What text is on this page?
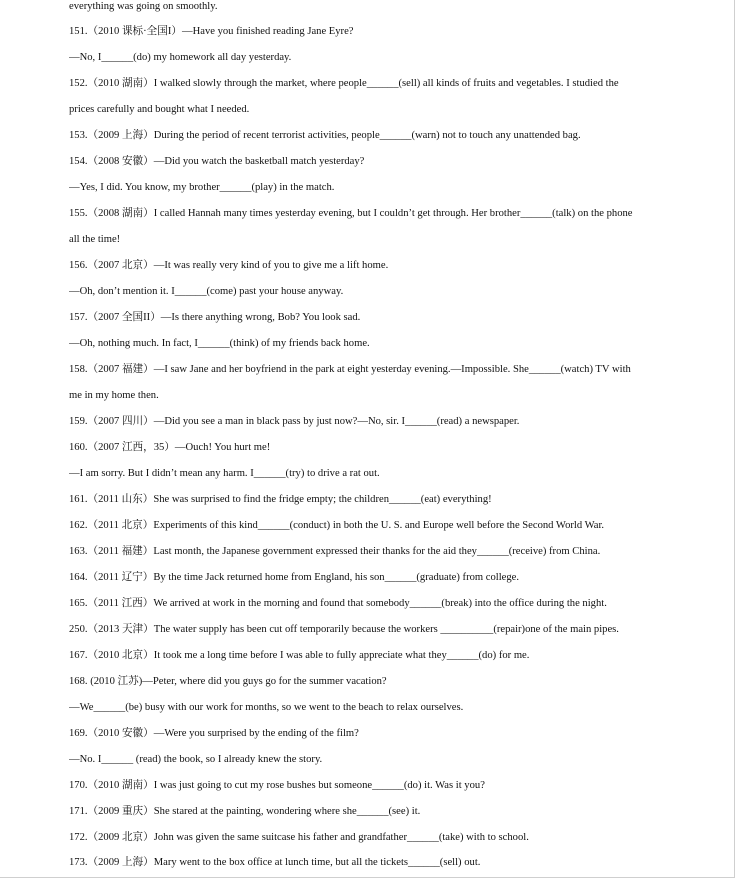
everything was going on smoothly.
151.（2010 课标·全国I）—Have you finished reading Jane Eyre?
—No, I______(do) my homework all day yesterday.
152.（2010 湖南）I walked slowly through the market, where people______(sell) all kinds of fruits and vegetables. I studied the
prices carefully and bought what I needed.
153.（2009 上海）During the period of recent terrorist activities, people______(warn) not to touch any unattended bag.
154.（2008 安徽）—Did you watch the basketball match yesterday?
—Yes, I did. You know, my brother______(play) in the match.
155.（2008 湖南）I called Hannah many times yesterday evening, but I couldn’t get through. Her brother______(talk) on the phone
all the time!
156.（2007 北京）—It was really very kind of you to give me a lift home.
—Oh, don’t mention it. I______(come) past your house anyway.
157.（2007 全国II）—Is there anything wrong, Bob? You look sad.
—Oh, nothing much. In fact, I______(think) of my friends back home.
158.（2007 福建）—I saw Jane and her boyfriend in the park at eight yesterday evening.—Impossible. She______(watch) TV with
me in my home then.
159.（2007 四川）—Did you see a man in black pass by just now?—No, sir. I______(read) a newspaper.
160.（2007 江西，35）—Ouch! You hurt me!
—I am sorry. But I didn’t mean any harm. I______(try) to drive a rat out.
161.（2011 山东）She was surprised to find the fridge empty; the children______(eat) everything!
162.（2011 北京）Experiments of this kind______(conduct) in both the U. S. and Europe well before the Second World War.
163.（2011 福建）Last month, the Japanese government expressed their thanks for the aid they______(receive) from China.
164.（2011 辽宁）By the time Jack returned home from England, his son______(graduate) from college.
165.（2011 江西）We arrived at work in the morning and found that somebody______(break) into the office during the night.
250.（2013 天津）The water supply has been cut off temporarily because the workers __________(repair)one of the main pipes.
167.（2010 北京）It took me a long time before I was able to fully appreciate what they______(do) for me.
168. (2010 江苏)—Peter, where did you guys go for the summer vacation?
—We______(be) busy with our work for months, so we went to the beach to relax ourselves.
169.（2010 安徽）—Were you surprised by the ending of the film?
—No. I______ (read) the book, so I already knew the story.
170.（2010 湖南）I was just going to cut my rose bushes but someone______(do) it. Was it you?
171.（2009 重庆）She stared at the painting, wondering where she______(see) it.
172.（2009 北京）John was given the same suitcase his father and grandfather______(take) with to school.
173.（2009 上海）Mary went to the box office at lunch time, but all the tickets______(sell) out.
